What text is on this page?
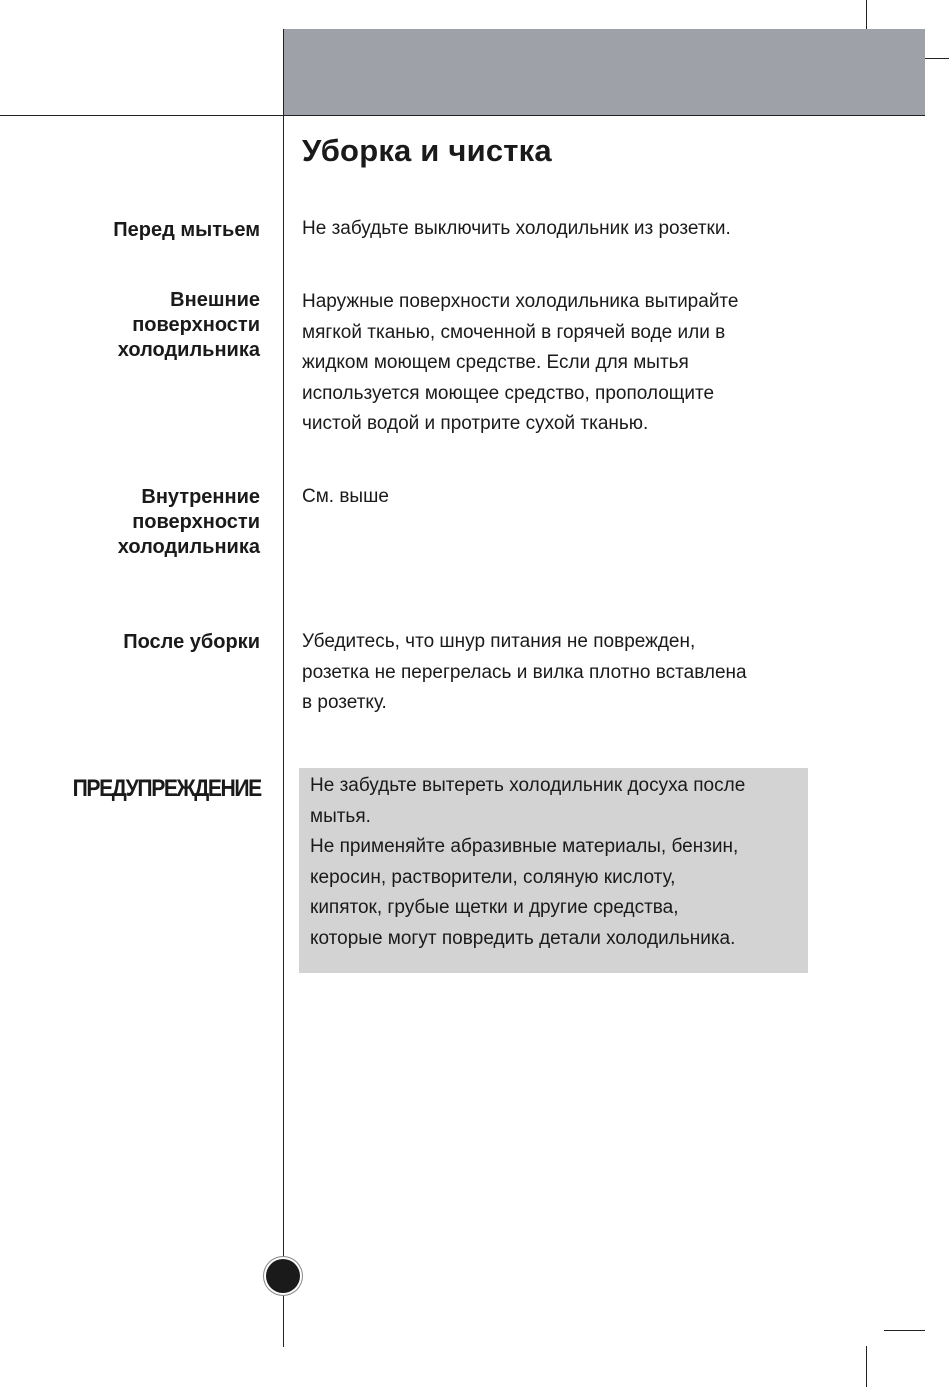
Уборка и чистка
Перед мытьем Не забудьте выключить холодильник из розетки.
Внешние
поверхности
холодильника
Наружные поверхности холодильника вытирайте
мягкой тканью, смоченной в горячей воде или в
жидком моющем средстве. Если для мытья
используется моющее средство, прополощите
чистой водой и протрите сухой тканью.
Внутренние
поверхности
холодильника
См. выше
После уборки Убедитесь, что шнур питания не поврежден,
розетка не перегрелась и вилка плотно вставлена
в розетку.
ПРЕДУПРЕЖДЕНИЕ	Не забудьте вытереть холодильник досуха после
мытья.
Не применяйте абразивные материалы, бензин,
керосин, растворители, соляную кислоту,
кипяток, грубые щетки и другие средства,
которые могут повредить детали холодильника.
